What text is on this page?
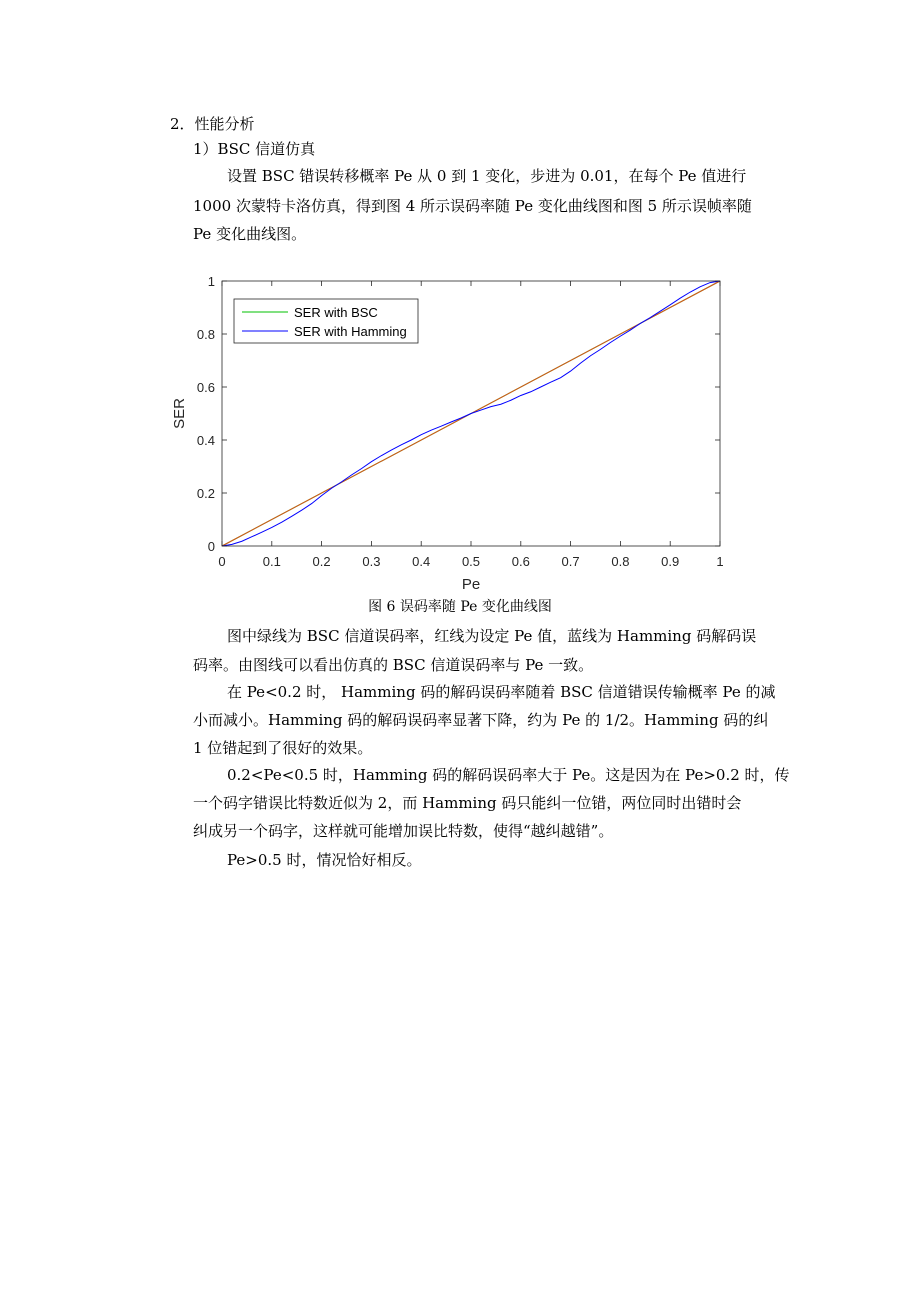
2．性能分析
1）BSC 信道仿真
设置 BSC 错误转移概率 Pe 从 0 到 1 变化，步进为 0.01，在每个 Pe 值进行
1000 次蒙特卡洛仿真，得到图 4 所示误码率随 Pe 变化曲线图和图 5 所示误帧率随
Pe 变化曲线图。
0	0.1 0.2 0.3 0.4 0.5 0.6 0.7 0.8 0.9	1
0
0.2
0.4
0.6
0.8
1
Pe
SER
SER with BSC
SER with Hamming
图 6 误码率随 Pe 变化曲线图
图中绿线为 BSC 信道误码率，红线为设定 Pe 值，蓝线为 Hamming 码解码误
码率。由图线可以看出仿真的 BSC 信道误码率与 Pe 一致。
在 Pe<0.2 时， Hamming 码的解码误码率随着 BSC 信道错误传输概率 Pe 的减
小而减小。Hamming 码的解码误码率显著下降，约为 Pe 的 1/2。Hamming 码的纠
1 位错起到了很好的效果。
0.2<Pe<0.5 时，Hamming 码的解码误码率大于 Pe。这是因为在 Pe>0.2 时，传
一个码字错误比特数近似为 2，而 Hamming 码只能纠一位错，两位同时出错时会
纠成另一个码字，这样就可能增加误比特数，使得“越纠越错”。
Pe>0.5 时，情况恰好相反。
